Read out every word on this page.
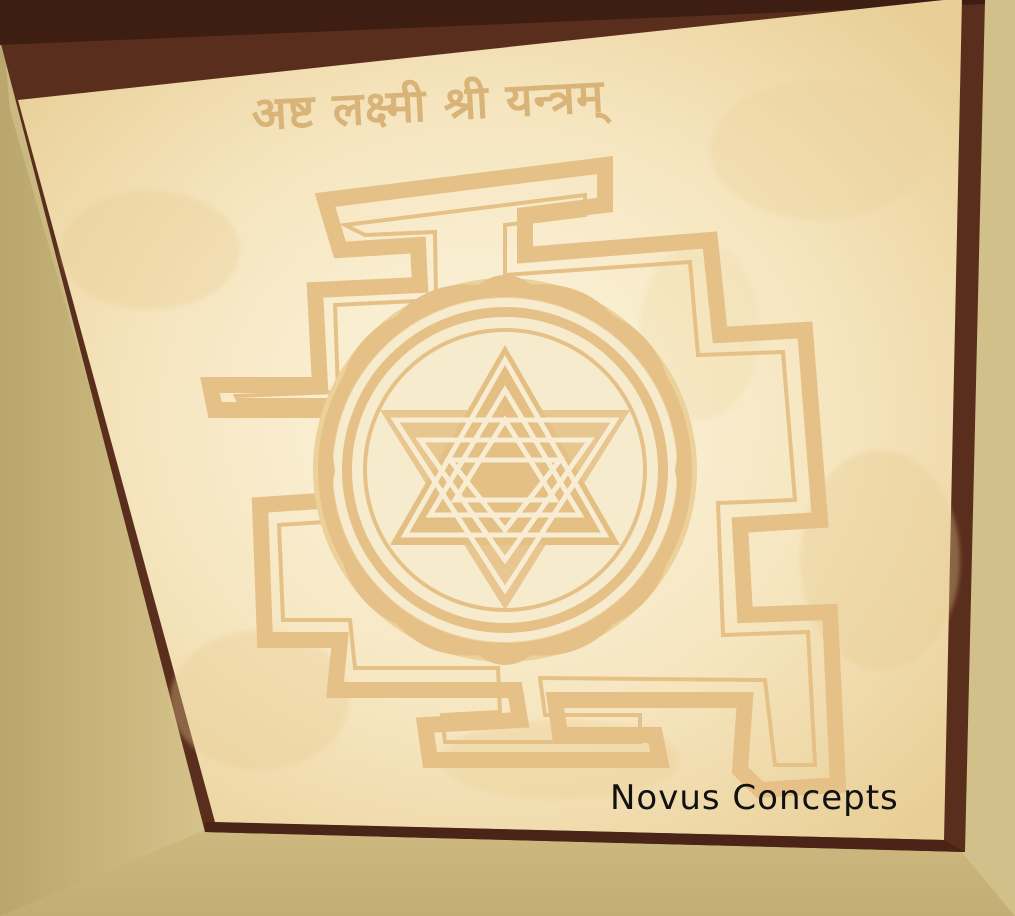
अष्ट लक्ष्मी श्री यन्त्रम्
Novus Concepts
